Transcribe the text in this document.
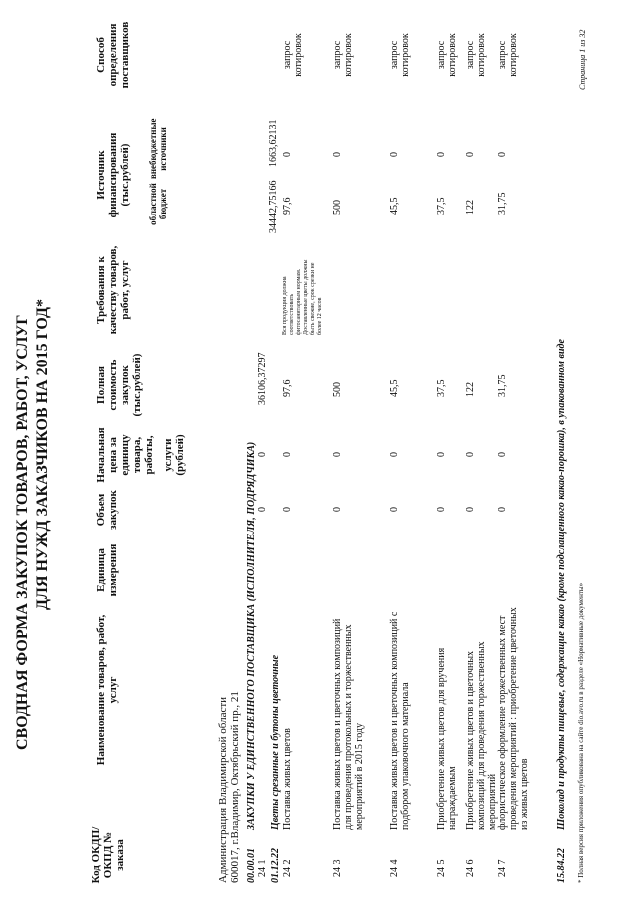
СВОДНАЯ ФОРМА ЗАКУПОК ТОВАРОВ, РАБОТ, УСЛУГ ДЛЯ НУЖД ЗАКАЗЧИКОВ НА 2015 ГОД*
Код ОКДП/ ОКПД № заказа
Наименование товаров, работ, услуг
Единица измерения
Объем закупок
Начальная цена за единицу товара, работы, услуги (рублей)
Полная стоимость закупок (тыс.рублей)
Требования к качеству товаров, работ, услуг
Источник финансирования (тыс.рублей) областной бюджет
внебюджетные источники
Способ определения поставщиков
Администрация Владимирской области 600017, г.Владимир, Октябрьский пр., 21 00.00.01
ЗАКУПКИ У ЕДИНСТВЕННОГО ПОСТАВЩИКА (ИСПОЛНИТЕЛЯ, ПОДРЯДЧИКА)
24 1
0
0
36106,37297
34442,75166
1663,62131
01.12.22
Цветы срезанные и бутоны цветочные
24 2
Поставка живых цветов
0
0
97,6
Вся продукция должна соответствовать фитосанитарным нормам. Доставленные цветы должны быть свежие, срок срезки не более 12 часов
97,6
0
запрос котировок
24 3
Поставка живых цветов и цветочных композиций для проведения протокольных и торжественных мероприятий в 2015 году
0
0
500
500
0
запрос котировок
24 4
Поставка живых цветов и цветочных композиций с подбором упаковочного материала
0
0
45,5
45,5
0
запрос котировок
24 5
Приобретение живых цветов для вручения награждаемым
0
0
37,5
37,5
0
запрос котировок
24 6
Приобретение живых цветов и цветочных композиций для проведения торжественных мероприятий
0
0
122
122
0
запрос котировок
24 7
флористическое оформление торжественных мест проведения мероприятий : приобретение цветочных из живых цветов
0
0
31,75
31,75
0
запрос котировок
15.84.22
Шоколад и продукты пищевые, содержащие какао (кроме подслащенного какао-порошка), в упакованном виде * Полная версия приложения опубликована на сайте dio.avo.ru в разделе «Нормативные документы»
Страница 1 из 32
